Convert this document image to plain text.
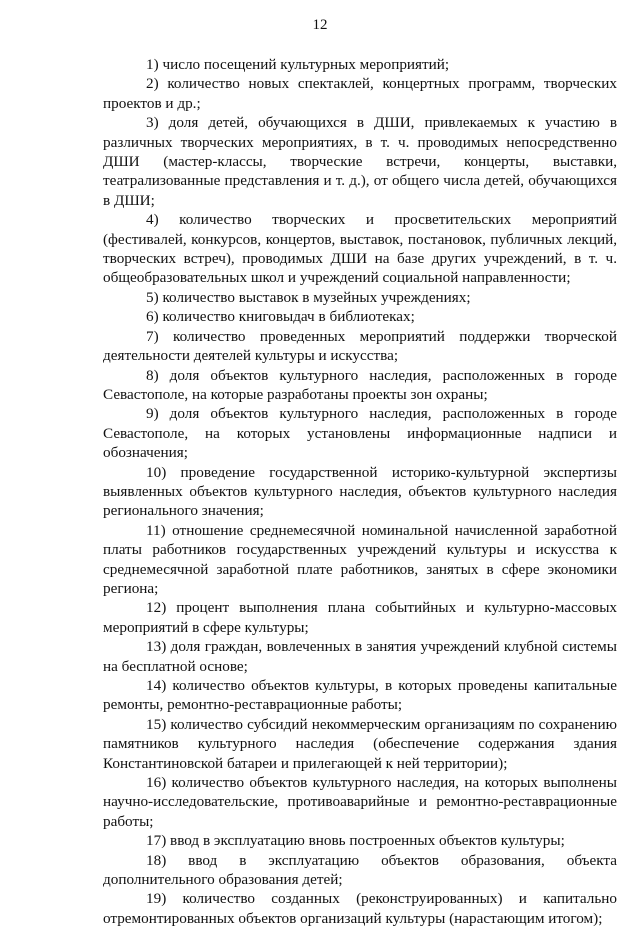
12

1) число посещений культурных мероприятий;

2) количество новых спектаклей, концертных программ, творческих проектов и др.;

3) доля детей, обучающихся в ДШИ, привлекаемых к участию в различных творческих мероприятиях, в т. ч. проводимых непосредственно ДШИ (мастер-классы, творческие встречи, концерты, выставки, театрализованные представления и т. д.), от общего числа детей, обучающихся в ДШИ;

4) количество творческих и просветительских мероприятий (фестивалей, конкурсов, концертов, выставок, постановок, публичных лекций, творческих встреч), проводимых ДШИ на базе других учреждений, в т. ч. общеобразовательных школ и учреждений социальной направленности;

5) количество выставок в музейных учреждениях;

6) количество книговыдач в библиотеках;

7) количество проведенных мероприятий поддержки творческой деятельности деятелей культуры и искусства;

8) доля объектов культурного наследия, расположенных в городе Севастополе, на которые разработаны проекты зон охраны;

9) доля объектов культурного наследия, расположенных в городе Севастополе, на которых установлены информационные надписи и обозначения;

10) проведение государственной историко-культурной экспертизы выявленных объектов культурного наследия, объектов культурного наследия регионального значения;

11) отношение среднемесячной номинальной начисленной заработной платы работников государственных учреждений культуры и искусства к среднемесячной заработной плате работников, занятых в сфере экономики региона;

12) процент выполнения плана событийных и культурно-массовых мероприятий в сфере культуры;

13) доля граждан, вовлеченных в занятия учреждений клубной системы на бесплатной основе;

14) количество объектов культуры, в которых проведены капитальные ремонты, ремонтно-реставрационные работы;

15) количество субсидий некоммерческим организациям по сохранению памятников культурного наследия (обеспечение содержания здания Константиновской батареи и прилегающей к ней территории);

16) количество объектов культурного наследия, на которых выполнены научно-исследовательские, противоаварийные и ремонтно-реставрационные работы;

17) ввод в эксплуатацию вновь построенных объектов культуры;

18) ввод в эксплуатацию объектов образования, объекта дополнительного образования детей;

19) количество созданных (реконструированных) и капитально отремонтированных объектов организаций культуры (нарастающим итогом);
